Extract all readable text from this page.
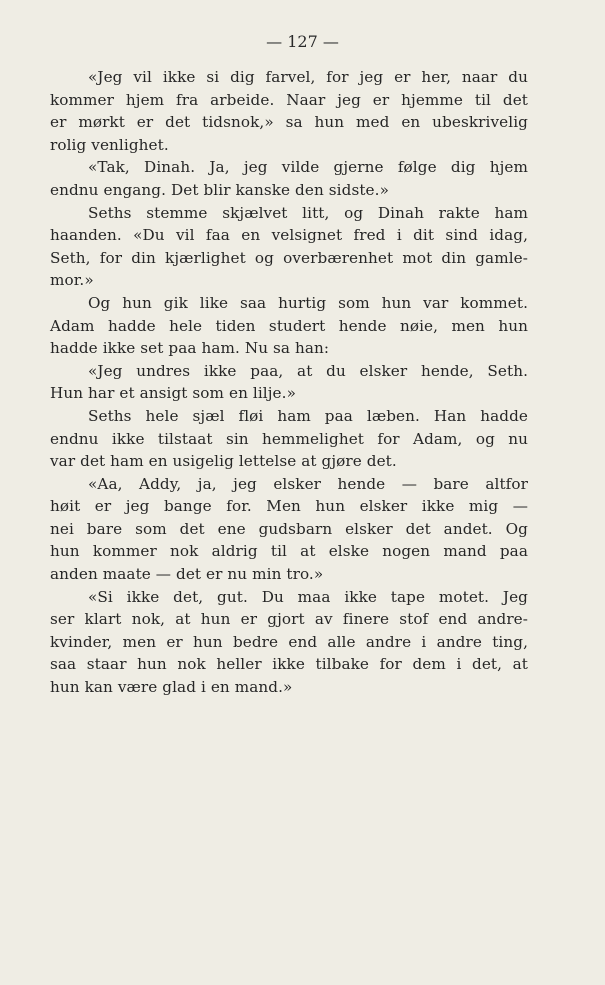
— 127 —
«Jeg vil ikke si dig farvel, for jeg er her, naar du
kommer hjem fra arbeide. Naar jeg er hjemme til det
er mørkt er det tidsnok,» sa hun med en ubeskrivelig
rolig venlighet.
«Tak, Dinah. Ja, jeg vilde gjerne følge dig hjem
endnu engang. Det blir kanske den sidste.»
Seths stemme skjælvet litt, og Dinah rakte ham
haanden. «Du vil faa en velsignet fred i dit sind idag,
Seth, for din kjærlighet og overbærenhet mot din gamle-
mor.»
Og hun gik like saa hurtig som hun var kommet.
Adam hadde hele tiden studert hende nøie, men hun
hadde ikke set paa ham. Nu sa han:
«Jeg undres ikke paa, at du elsker hende, Seth.
Hun har et ansigt som en lilje.»
Seths hele sjæl fløi ham paa læben. Han hadde
endnu ikke tilstaat sin hemmelighet for Adam, og nu
var det ham en usigelig lettelse at gjøre det.
«Aa, Addy, ja, jeg elsker hende — bare altfor
høit er jeg bange for. Men hun elsker ikke mig —
nei bare som det ene gudsbarn elsker det andet. Og
hun kommer nok aldrig til at elske nogen mand paa
anden maate — det er nu min tro.»
«Si ikke det, gut. Du maa ikke tape motet. Jeg
ser klart nok, at hun er gjort av finere stof end andre-
kvinder, men er hun bedre end alle andre i andre ting,
saa staar hun nok heller ikke tilbake for dem i det, at
hun kan være glad i en mand.»
